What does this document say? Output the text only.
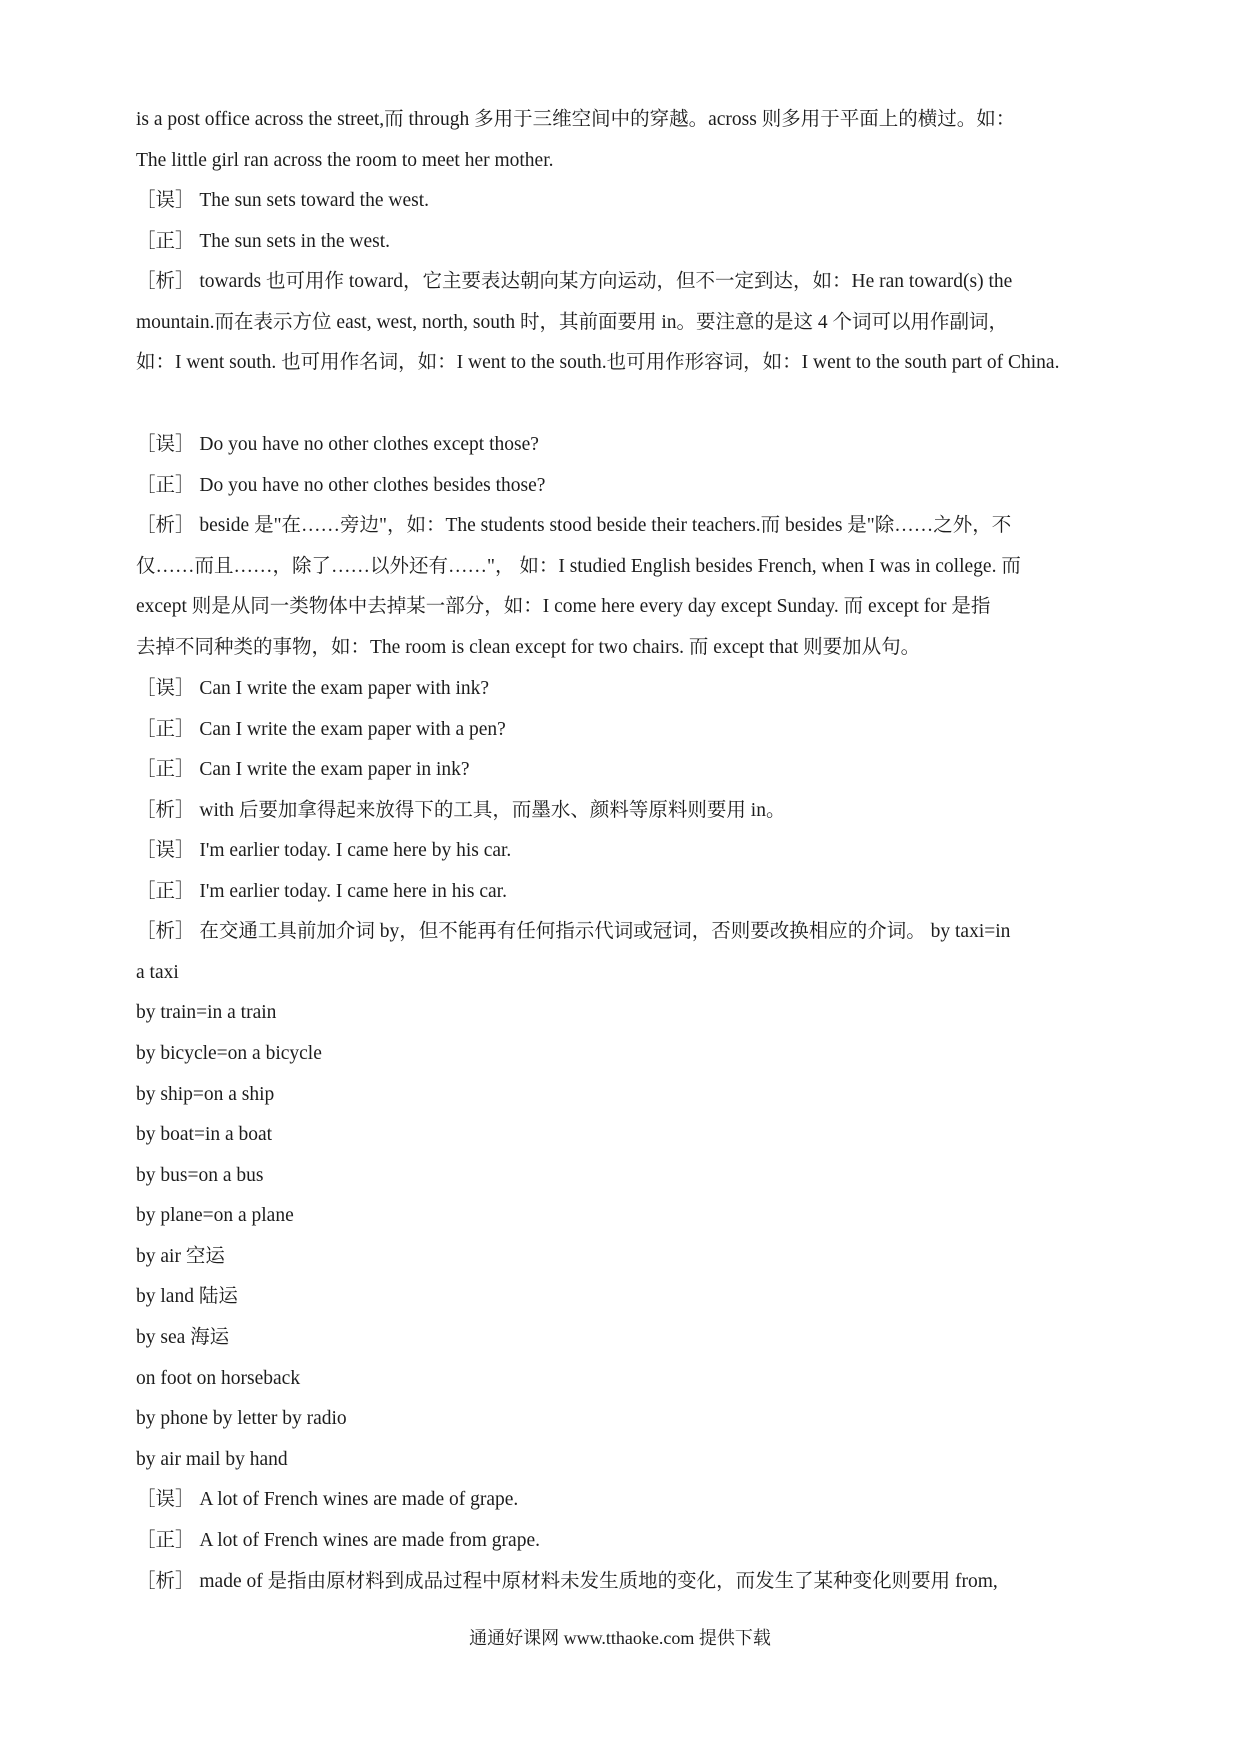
is a post office across the street,而 through 多用于三维空间中的穿越。across 则多用于平面上的横过。如：
The little girl ran across the room to meet her mother.
［误］ The sun sets toward the west.
［正］ The sun sets in the west.
［析］ towards 也可用作 toward，它主要表达朝向某方向运动，但不一定到达，如：He ran toward(s) the
mountain.而在表示方位 east, west, north, south 时，其前面要用 in。要注意的是这 4 个词可以用作副词，
如：I went south. 也可用作名词，如：I went to the south.也可用作形容词，如：I went to the south part of China.
［误］ Do you have no other clothes except those?
［正］ Do you have no other clothes besides those?
［析］ beside 是"在……旁边"，如：The students stood beside their teachers.而 besides 是"除……之外，不
仅……而且……，除了……以外还有……"， 如：I studied English besides French, when I was in college. 而
except 则是从同一类物体中去掉某一部分，如：I come here every day except Sunday. 而 except for 是指
去掉不同种类的事物，如：The room is clean except for two chairs. 而 except that 则要加从句。
［误］ Can I write the exam paper with ink?
［正］ Can I write the exam paper with a pen?
［正］ Can I write the exam paper in ink?
［析］ with 后要加拿得起来放得下的工具，而墨水、颜料等原料则要用 in。
［误］ I'm earlier today. I came here by his car.
［正］ I'm earlier today. I came here in his car.
［析］ 在交通工具前加介词 by，但不能再有任何指示代词或冠词，否则要改换相应的介词。 by taxi=in
a taxi
by train=in a train
by bicycle=on a bicycle
by ship=on a ship
by boat=in a boat
by bus=on a bus
by plane=on a plane
by air 空运
by land 陆运
by sea 海运
on foot on horseback
by phone by letter by radio
by air mail by hand
［误］ A lot of French wines are made of grape.
［正］ A lot of French wines are made from grape.
［析］ made of 是指由原材料到成品过程中原材料未发生质地的变化，而发生了某种变化则要用 from,
通通好课网 www.tthaoke.com 提供下载
